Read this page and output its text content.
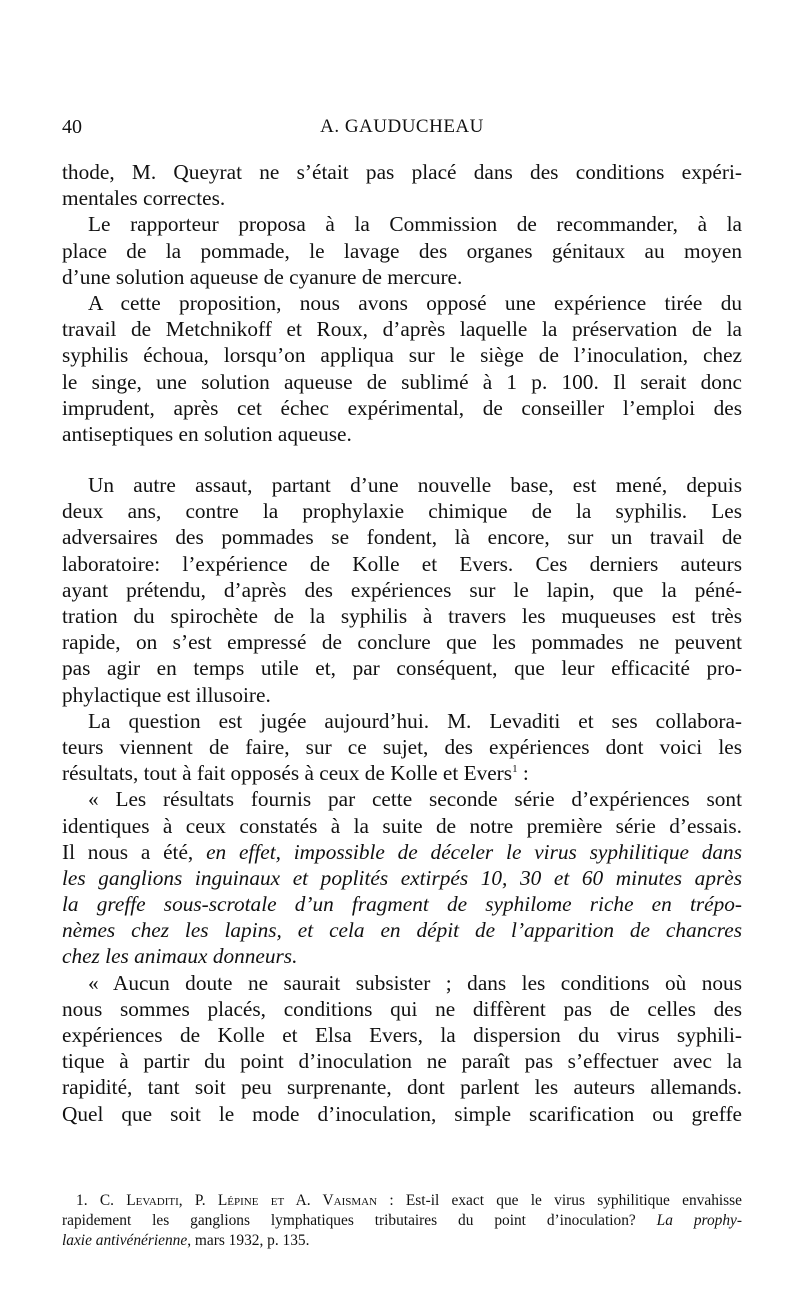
40	A. GAUDUCHEAU
thode, M. Queyrat ne s’était pas placé dans des conditions expéri-
mentales correctes.
Le rapporteur proposa à la Commission de recommander, à la
place de la pommade, le lavage des organes génitaux au moyen
d’une solution aqueuse de cyanure de mercure.
A cette proposition, nous avons opposé une expérience tirée du
travail de Metchnikoff et Roux, d’après laquelle la préservation de la
syphilis échoua, lorsqu’on appliqua sur le siège de l’inoculation, chez
le singe, une solution aqueuse de sublimé à 1 p. 100. Il serait donc
imprudent, après cet échec expérimental, de conseiller l’emploi des
antiseptiques en solution aqueuse.
Un autre assaut, partant d’une nouvelle base, est mené, depuis
deux ans, contre la prophylaxie chimique de la syphilis. Les
adversaires des pommades se fondent, là encore, sur un travail de
laboratoire: l’expérience de Kolle et Evers. Ces derniers auteurs
ayant prétendu, d’après des expériences sur le lapin, que la péné-
tration du spirochète de la syphilis à travers les muqueuses est très
rapide, on s’est empressé de conclure que les pommades ne peuvent
pas agir en temps utile et, par conséquent, que leur efficacité pro-
phylactique est illusoire.
La question est jugée aujourd’hui. M. Levaditi et ses collabora-
teurs viennent de faire, sur ce sujet, des expériences dont voici les
résultats, tout à fait opposés à ceux de Kolle et Evers$^1$ :
« Les résultats fournis par cette seconde série d’expériences sont
identiques à ceux constatés à la suite de notre première série d’essais.
Il nous a été, en effet, impossible de déceler le virus syphilitique dans
les ganglions inguinaux et poplités extirpés 10, 30 et 60 minutes après
la greffe sous-scrotale d’un fragment de syphilome riche en trépo-
nèmes chez les lapins, et cela en dépit de l’apparition de chancres
chez les animaux donneurs.
« Aucun doute ne saurait subsister ; dans les conditions où nous
nous sommes placés, conditions qui ne diffèrent pas de celles des
expériences de Kolle et Elsa Evers, la dispersion du virus syphili-
tique à partir du point d’inoculation ne paraît pas s’effectuer avec la
rapidité, tant soit peu surprenante, dont parlent les auteurs allemands.
Quel que soit le mode d’inoculation, simple scarification ou greffe
1. C. Levaditi, P. Lépine et A. Vaisman : Est-il exact que le virus syphilitique envahisse
rapidement les ganglions lymphatiques tributaires du point d’inoculation? La prophy-
laxie antivénérienne, mars 1932, p. 135.
